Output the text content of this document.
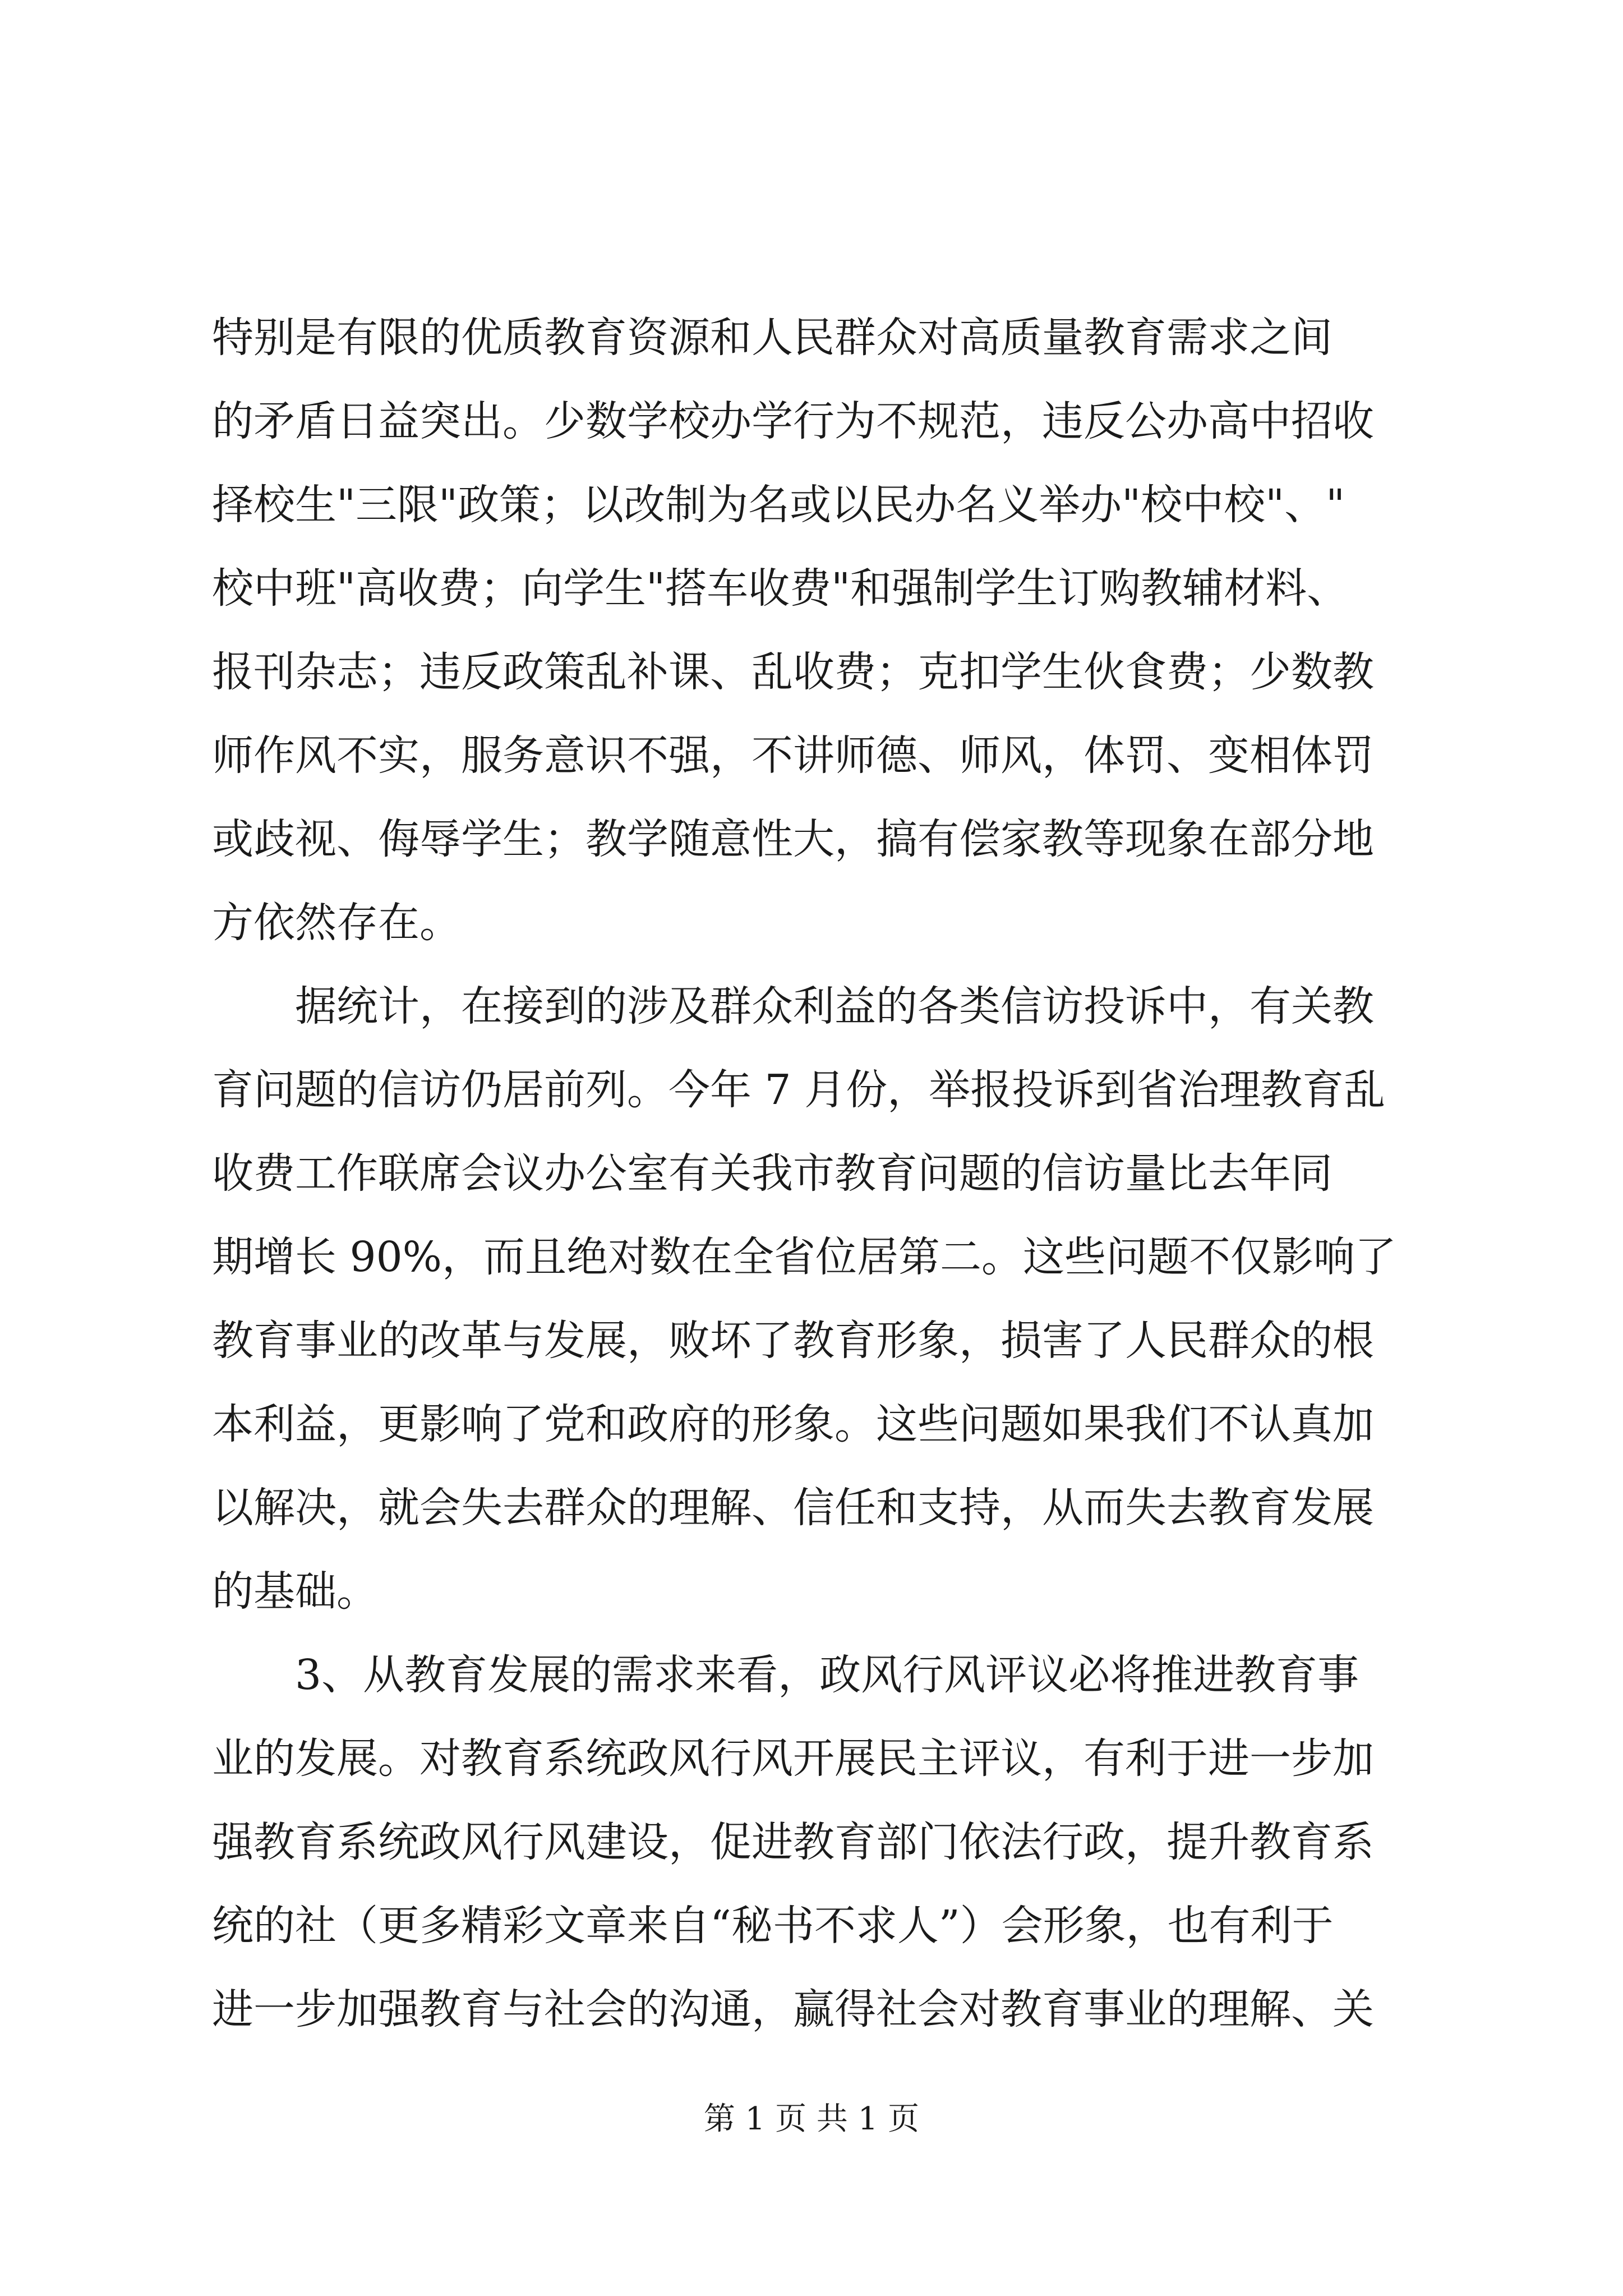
特别是有限的优质教育资源和人民群众对高质量教育需求之间
的矛盾日益突出。少数学校办学行为不规范，违反公办高中招收
择校生"三限"政策；以改制为名或以民办名义举办"校中校"、"
校中班"高收费；向学生"搭车收费"和强制学生订购教辅材料、
报刊杂志；违反政策乱补课、乱收费；克扣学生伙食费；少数教
师作风不实，服务意识不强，不讲师德、师风，体罚、变相体罚
或歧视、侮辱学生；教学随意性大，搞有偿家教等现象在部分地
方依然存在。
据统计，在接到的涉及群众利益的各类信访投诉中，有关教
育问题的信访仍居前列。今年 7 月份，举报投诉到省治理教育乱
收费工作联席会议办公室有关我市教育问题的信访量比去年同
期增长 90%，而且绝对数在全省位居第二。这些问题不仅影响了
教育事业的改革与发展，败坏了教育形象，损害了人民群众的根
本利益，更影响了党和政府的形象。这些问题如果我们不认真加
以解决，就会失去群众的理解、信任和支持，从而失去教育发展
的基础。
3、从教育发展的需求来看，政风行风评议必将推进教育事
业的发展。对教育系统政风行风开展民主评议，有利于进一步加
强教育系统政风行风建设，促进教育部门依法行政，提升教育系
统的社（更多精彩文章来自“秘书不求人”）会形象，也有利于
进一步加强教育与社会的沟通，赢得社会对教育事业的理解、关
第 1 页 共 1 页
